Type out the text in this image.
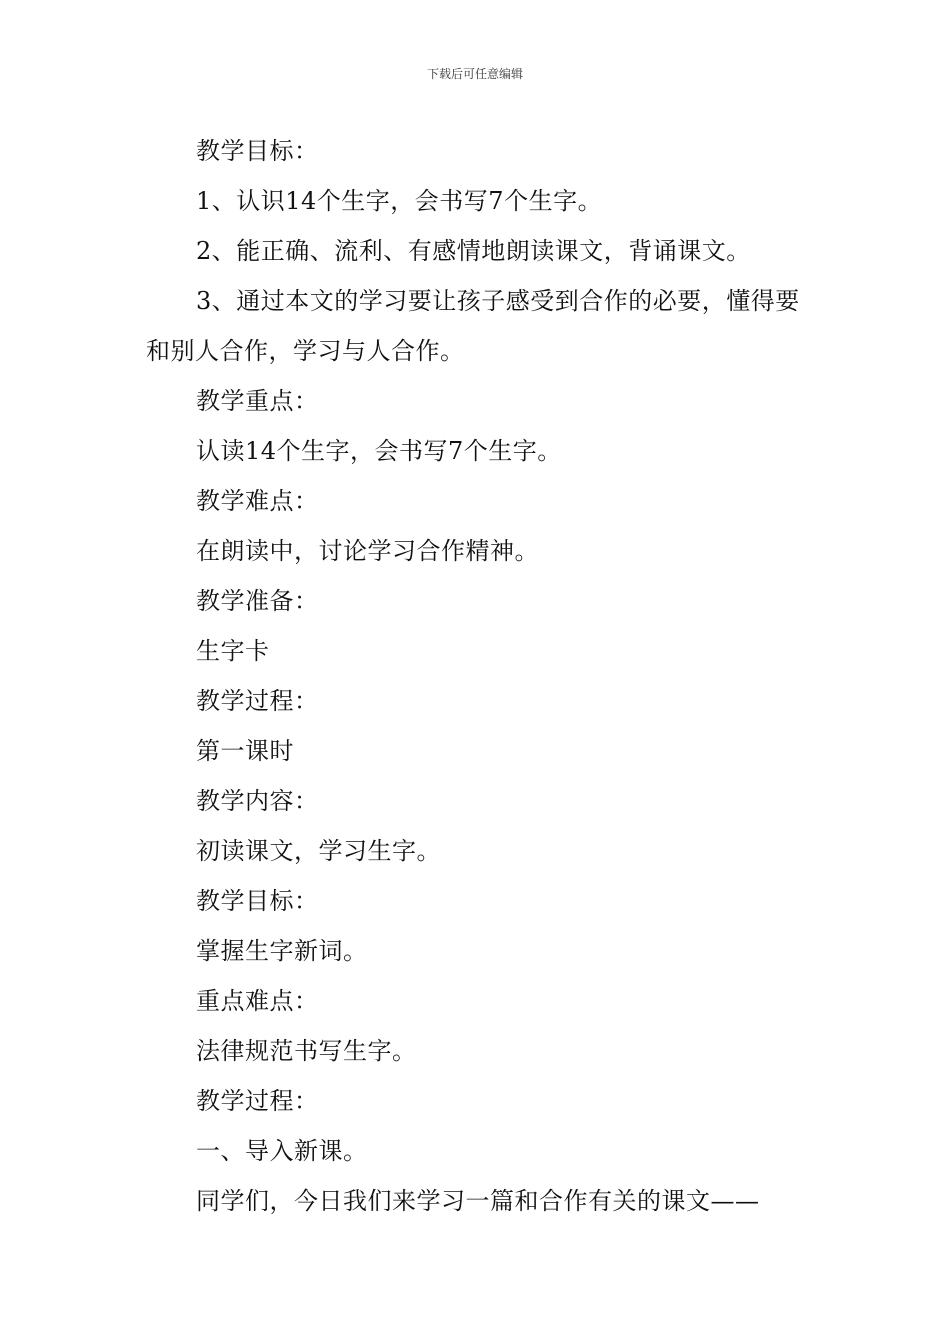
下载后可任意编辑

教学目标：

1、认识14个生字，会书写7个生字。

2、能正确、流利、有感情地朗读课文，背诵课文。

3、通过本文的学习要让孩子感受到合作的必要，懂得要和别人合作，学习与人合作。

教学重点：

认读14个生字，会书写7个生字。

教学难点：

在朗读中，讨论学习合作精神。

教学准备：

生字卡

教学过程：

第一课时

教学内容：

初读课文，学习生字。

教学目标：

掌握生字新词。

重点难点：

法律规范书写生字。

教学过程：

一、导入新课。

同学们，今日我们来学习一篇和合作有关的课文——
